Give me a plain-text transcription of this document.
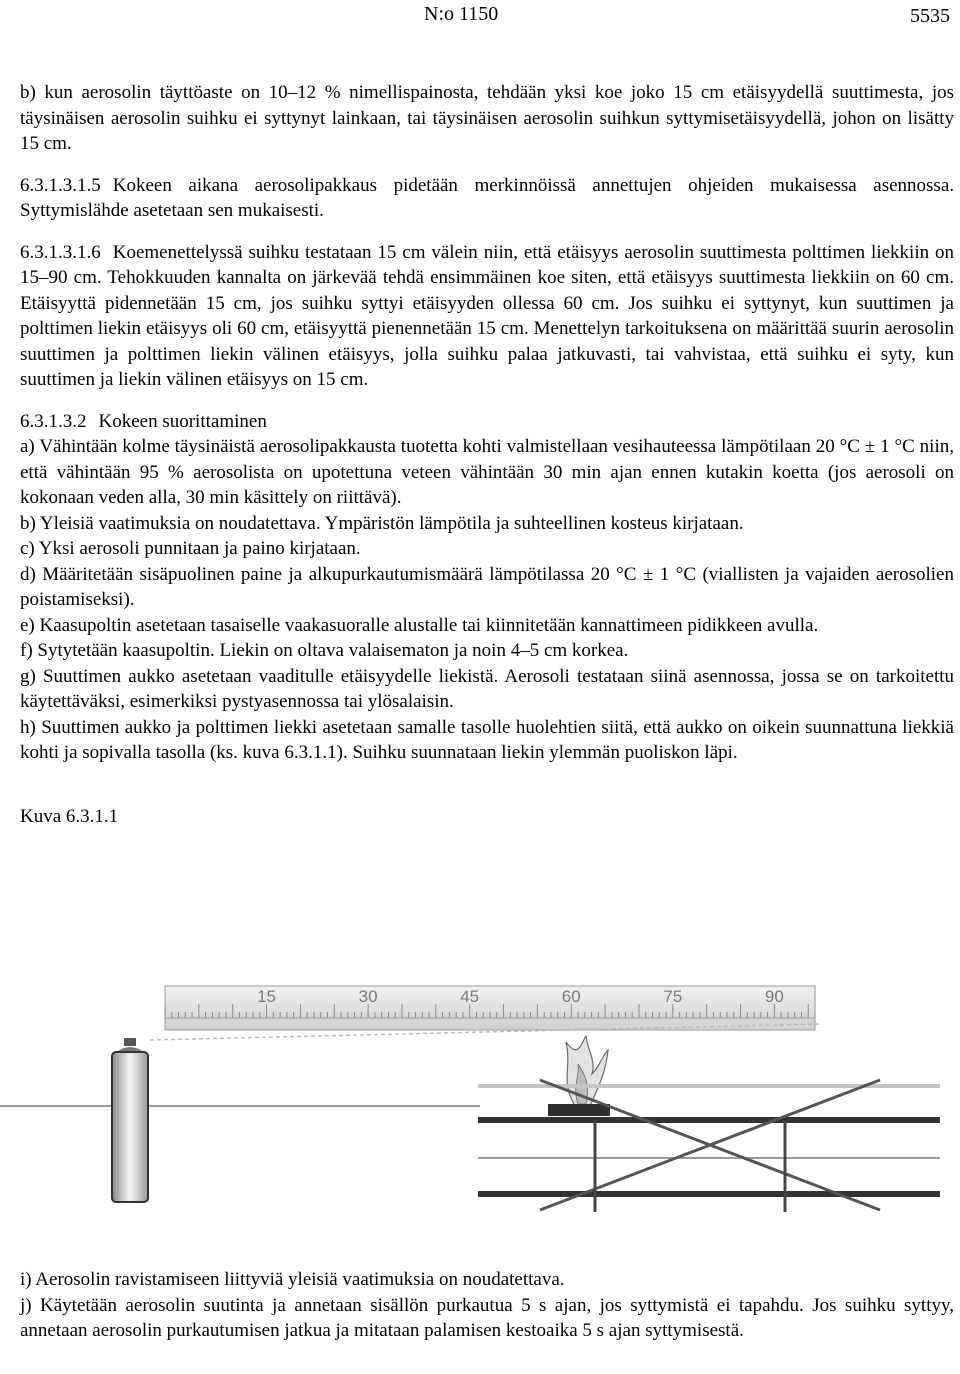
N:o 1150	5535

b) kun aerosolin täyttöaste on 10–12 % nimellispainosta, tehdään yksi koe joko 15 cm etäisyydellä suuttimesta, jos täysinäisen aerosolin suihku ei syttynyt lainkaan, tai täysinäisen aerosolin suihkun syttymisetäisyydellä, johon on lisätty 15 cm.

6.3.1.3.1.5 Kokeen aikana aerosolipakkaus pidetään merkinnöissä annettujen ohjeiden mukaisessa asennossa. Syttymislähde asetetaan sen mukaisesti.

6.3.1.3.1.6 Koemenettelyssä suihku testataan 15 cm välein niin, että etäisyys aerosolin suuttimesta polttimen liekkiin on 15–90 cm. Tehokkuuden kannalta on järkevää tehdä ensimmäinen koe siten, että etäisyys suuttimesta liekkiin on 60 cm. Etäisyyttä pidennetään 15 cm, jos suihku syttyi etäisyyden ollessa 60 cm. Jos suihku ei syttynyt, kun suuttimen ja polttimen liekin etäisyys oli 60 cm, etäisyyttä pienennetään 15 cm. Menettelyn tarkoituksena on määrittää suurin aerosolin suuttimen ja polttimen liekin välinen etäisyys, jolla suihku palaa jatkuvasti, tai vahvistaa, että suihku ei syty, kun suuttimen ja liekin välinen etäisyys on 15 cm.

6.3.1.3.2 Kokeen suorittaminen

a) Vähintään kolme täysinäistä aerosolipakkausta tuotetta kohti valmistellaan vesihauteessa lämpötilaan 20 °C ± 1 °C niin, että vähintään 95 % aerosolista on upotettuna veteen vähintään 30 min ajan ennen kutakin koetta (jos aerosoli on kokonaan veden alla, 30 min käsittely on riittävä).

b) Yleisiä vaatimuksia on noudatettava. Ympäristön lämpötila ja suhteellinen kosteus kirjataan.

c) Yksi aerosoli punnitaan ja paino kirjataan.

d) Määritetään sisäpuolinen paine ja alkupurkautumismäärä lämpötilassa 20 °C ± 1 °C (viallisten ja vajaiden aerosolien poistamiseksi).

e) Kaasupoltin asetetaan tasaiselle vaakasuoralle alustalle tai kiinnitetään kannattimeen pidikkeen avulla.

f) Sytytetään kaasupoltin. Liekin on oltava valaisematon ja noin 4–5 cm korkea.

g) Suuttimen aukko asetetaan vaaditulle etäisyydelle liekistä. Aerosoli testataan siinä asennossa, jossa se on tarkoitettu käytettäväksi, esimerkiksi pystyasennossa tai ylösalaisin.

h) Suuttimen aukko ja polttimen liekki asetetaan samalle tasolle huolehtien siitä, että aukko on oikein suunnattuna liekkiä kohti ja sopivalla tasolla (ks. kuva 6.3.1.1). Suihku suunnataan liekin ylemmän puoliskon läpi.

Kuva 6.3.1.1

15	30	45	60	75	90

i) Aerosolin ravistamiseen liittyviä yleisiä vaatimuksia on noudatettava.

j) Käytetään aerosolin suutinta ja annetaan sisällön purkautua 5 s ajan, jos syttymistä ei tapahdu. Jos suihku syttyy, annetaan aerosolin purkautumisen jatkua ja mitataan palamisen kestoaika 5 s ajan syttymisestä.
